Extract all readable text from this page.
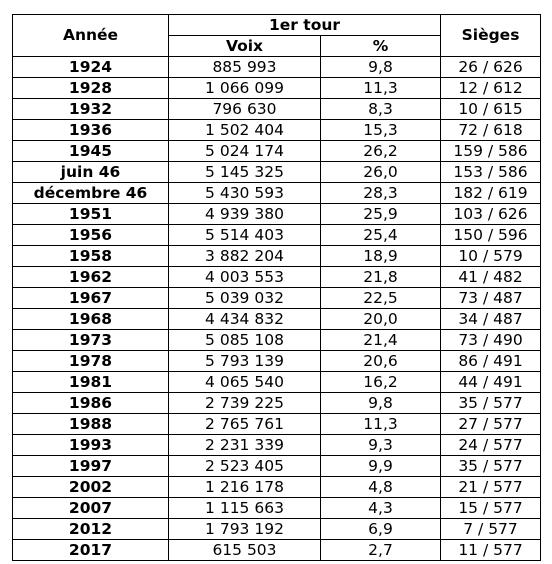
Année	1er tour		Sièges
	Voix	%	
1924	885 993	9,8	26 / 626
1928	1 066 099	11,3	12 / 612
1932	796 630	8,3	10 / 615
1936	1 502 404	15,3	72 / 618
1945	5 024 174	26,2	159 / 586
juin 46	5 145 325	26,0	153 / 586
décembre 46	5 430 593	28,3	182 / 619
1951	4 939 380	25,9	103 / 626
1956	5 514 403	25,4	150 / 596
1958	3 882 204	18,9	10 / 579
1962	4 003 553	21,8	41 / 482
1967	5 039 032	22,5	73 / 487
1968	4 434 832	20,0	34 / 487
1973	5 085 108	21,4	73 / 490
1978	5 793 139	20,6	86 / 491
1981	4 065 540	16,2	44 / 491
1986	2 739 225	9,8	35 / 577
1988	2 765 761	11,3	27 / 577
1993	2 231 339	9,3	24 / 577
1997	2 523 405	9,9	35 / 577
2002	1 216 178	4,8	21 / 577
2007	1 115 663	4,3	15 / 577
2012	1 793 192	6,9	7 / 577
2017	615 503	2,7	11 / 577
